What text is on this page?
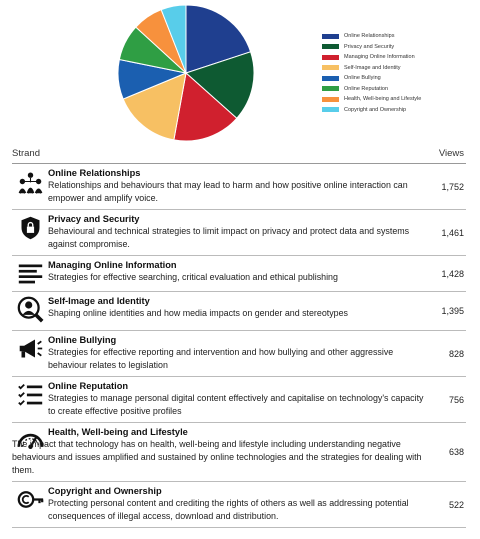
Online Relationships
Privacy and Security
Managing Online Information
Self-Image and Identity
Online Bullying
Online Reputation
Health, Well-being and Lifestyle
Copyright and Ownership
Strand	Views
Online Relationships
Relationships and behaviours that may lead to harm and how positive online interaction can empower and amplify voice.
1,752
Privacy and Security
Behavioural and technical strategies to limit impact on privacy and protect data and systems against compromise.
1,461
Managing Online Information
Strategies for effective searching, critical evaluation and ethical publishing	1,428
Self-Image and Identity
Shaping online identities and how media impacts on gender and stereotypes	1,395
Online Bullying
Strategies for effective reporting and intervention and how bullying and other aggressive behaviour relates to legislation
828
Online Reputation
Strategies to manage personal digital content effectively and capitalise on technology's capacity to create effective positive profiles
756
Health, Well-being and Lifestyle
The impact that technology has on health, well-being and lifestyle including understanding negative behaviours and issues amplified and sustained by online technologies and the strategies for dealing with them.
638
Copyright and Ownership
Protecting personal content and crediting the rights of others as well as addressing potential consequences of illegal access, download and distribution.
522
